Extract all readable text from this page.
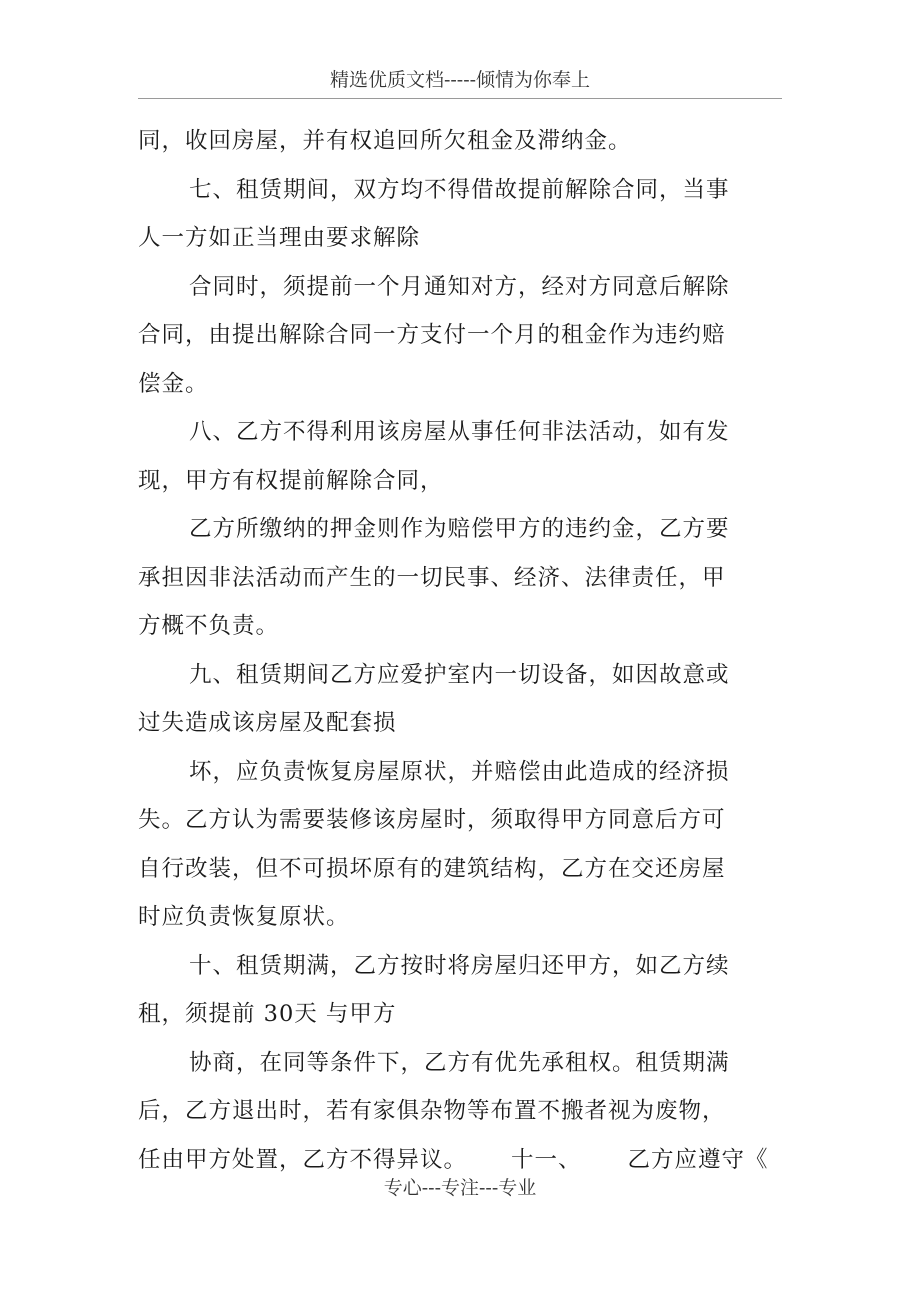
精选优质文档-----倾情为你奉上
同，收回房屋，并有权追回所欠租金及滞纳金。
七、租赁期间，双方均不得借故提前解除合同，当事
人一方如正当理由要求解除
合同时，须提前一个月通知对方，经对方同意后解除
合同，由提出解除合同一方支付一个月的租金作为违约赔
偿金。
八、乙方不得利用该房屋从事任何非法活动，如有发
现，甲方有权提前解除合同，
乙方所缴纳的押金则作为赔偿甲方的违约金，乙方要
承担因非法活动而产生的一切民事、经济、法律责任，甲
方概不负责。
九、租赁期间乙方应爱护室内一切设备，如因故意或
过失造成该房屋及配套损
坏，应负责恢复房屋原状，并赔偿由此造成的经济损
失。乙方认为需要装修该房屋时，须取得甲方同意后方可
自行改装，但不可损坏原有的建筑结构，乙方在交还房屋
时应负责恢复原状。
十、租赁期满，乙方按时将房屋归还甲方，如乙方续
租，须提前 30天 与甲方
协商，在同等条件下，乙方有优先承租权。租赁期满
后，乙方退出时，若有家俱杂物等布置不搬者视为废物，
任由甲方处置，乙方不得异议。 十一、 乙方应遵守《
专心---专注---专业
